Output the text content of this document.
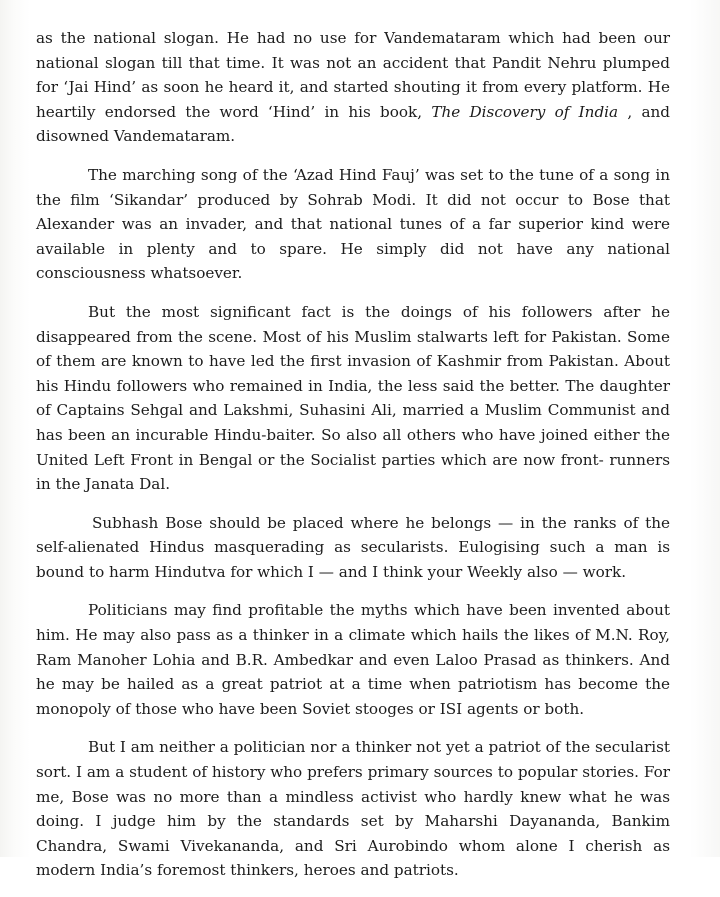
as the national slogan. He had no use for Vandemataram which had been our national slogan till that time. It was not an accident that Pandit Nehru plumped for ‘Jai Hind’ as soon he heard it, and started shouting it from every platform. He heartily endorsed the word ‘Hind’ in his book, The Discovery of India , and disowned Vandemataram.

The marching song of the ‘Azad Hind Fauj’ was set to the tune of a song in the film ‘Sikandar’ produced by Sohrab Modi. It did not occur to Bose that Alexander was an invader, and that national tunes of a far superior kind were available in plenty and to spare. He simply did not have any national consciousness whatsoever.

But the most significant fact is the doings of his followers after he disappeared from the scene. Most of his Muslim stalwarts left for Pakistan. Some of them are known to have led the first invasion of Kashmir from Pakistan. About his Hindu followers who remained in India, the less said the better. The daughter of Captains Sehgal and Lakshmi, Suhasini Ali, married a Muslim Communist and has been an incurable Hindu-baiter. So also all others who have joined either the United Left Front in Bengal or the Socialist parties which are now front- runners in the Janata Dal.

Subhash Bose should be placed where he belongs — in the ranks of the self-alienated Hindus masquerading as secularists. Eulogising such a man is bound to harm Hindutva for which I — and I think your Weekly also — work.

Politicians may find profitable the myths which have been invented about him. He may also pass as a thinker in a climate which hails the likes of M.N. Roy, Ram Manoher Lohia and B.R. Ambedkar and even Laloo Prasad as thinkers. And he may be hailed as a great patriot at a time when patriotism has become the monopoly of those who have been Soviet stooges or ISI agents or both.

But I am neither a politician nor a thinker not yet a patriot of the secularist sort. I am a student of history who prefers primary sources to popular stories. For me, Bose was no more than a mindless activist who hardly knew what he was doing. I judge him by the standards set by Maharshi Dayananda, Bankim Chandra, Swami Vivekananda, and Sri Aurobindo whom alone I cherish as modern India’s foremost thinkers, heroes and patriots.
